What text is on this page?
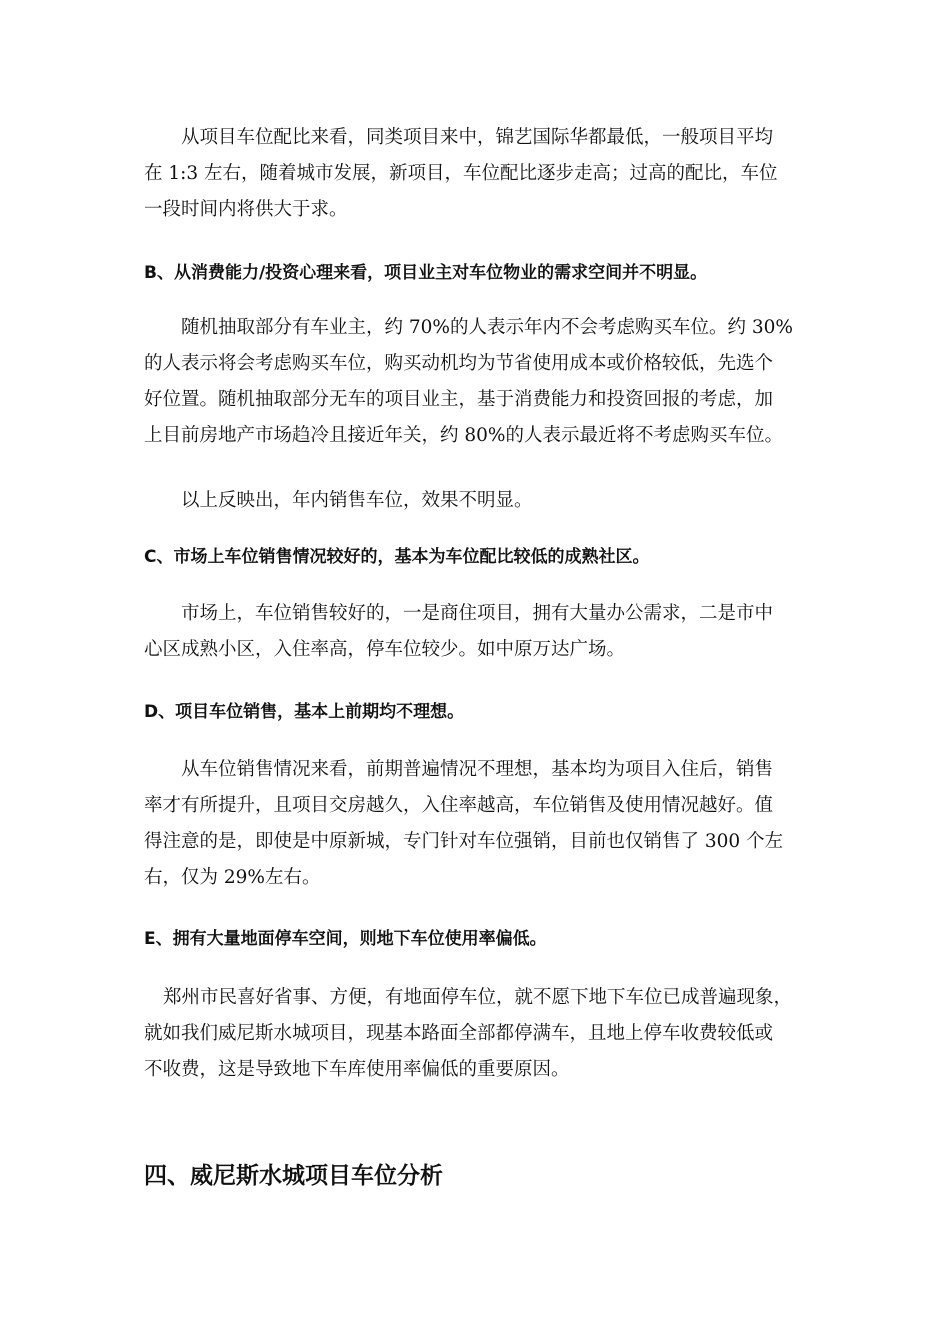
从项目车位配比来看，同类项目来中，锦艺国际华都最低，一般项目平均
在 1:3 左右，随着城市发展，新项目，车位配比逐步走高；过高的配比，车位
一段时间内将供大于求。
B、从消费能力/投资心理来看，项目业主对车位物业的需求空间并不明显。
随机抽取部分有车业主，约 70%的人表示年内不会考虑购买车位。约 30%
的人表示将会考虑购买车位，购买动机均为节省使用成本或价格较低，先选个
好位置。随机抽取部分无车的项目业主，基于消费能力和投资回报的考虑，加
上目前房地产市场趋冷且接近年关，约 80%的人表示最近将不考虑购买车位。
以上反映出，年内销售车位，效果不明显。
C、市场上车位销售情况较好的，基本为车位配比较低的成熟社区。
市场上，车位销售较好的，一是商住项目，拥有大量办公需求，二是市中
心区成熟小区，入住率高，停车位较少。如中原万达广场。
D、项目车位销售，基本上前期均不理想。
从车位销售情况来看，前期普遍情况不理想，基本均为项目入住后，销售
率才有所提升，且项目交房越久，入住率越高，车位销售及使用情况越好。值
得注意的是，即使是中原新城，专门针对车位强销，目前也仅销售了 300 个左
右，仅为 29%左右。
E、拥有大量地面停车空间，则地下车位使用率偏低。
郑州市民喜好省事、方便，有地面停车位，就不愿下地下车位已成普遍现象，
就如我们威尼斯水城项目，现基本路面全部都停满车，且地上停车收费较低或
不收费，这是导致地下车库使用率偏低的重要原因。
四、威尼斯水城项目车位分析
